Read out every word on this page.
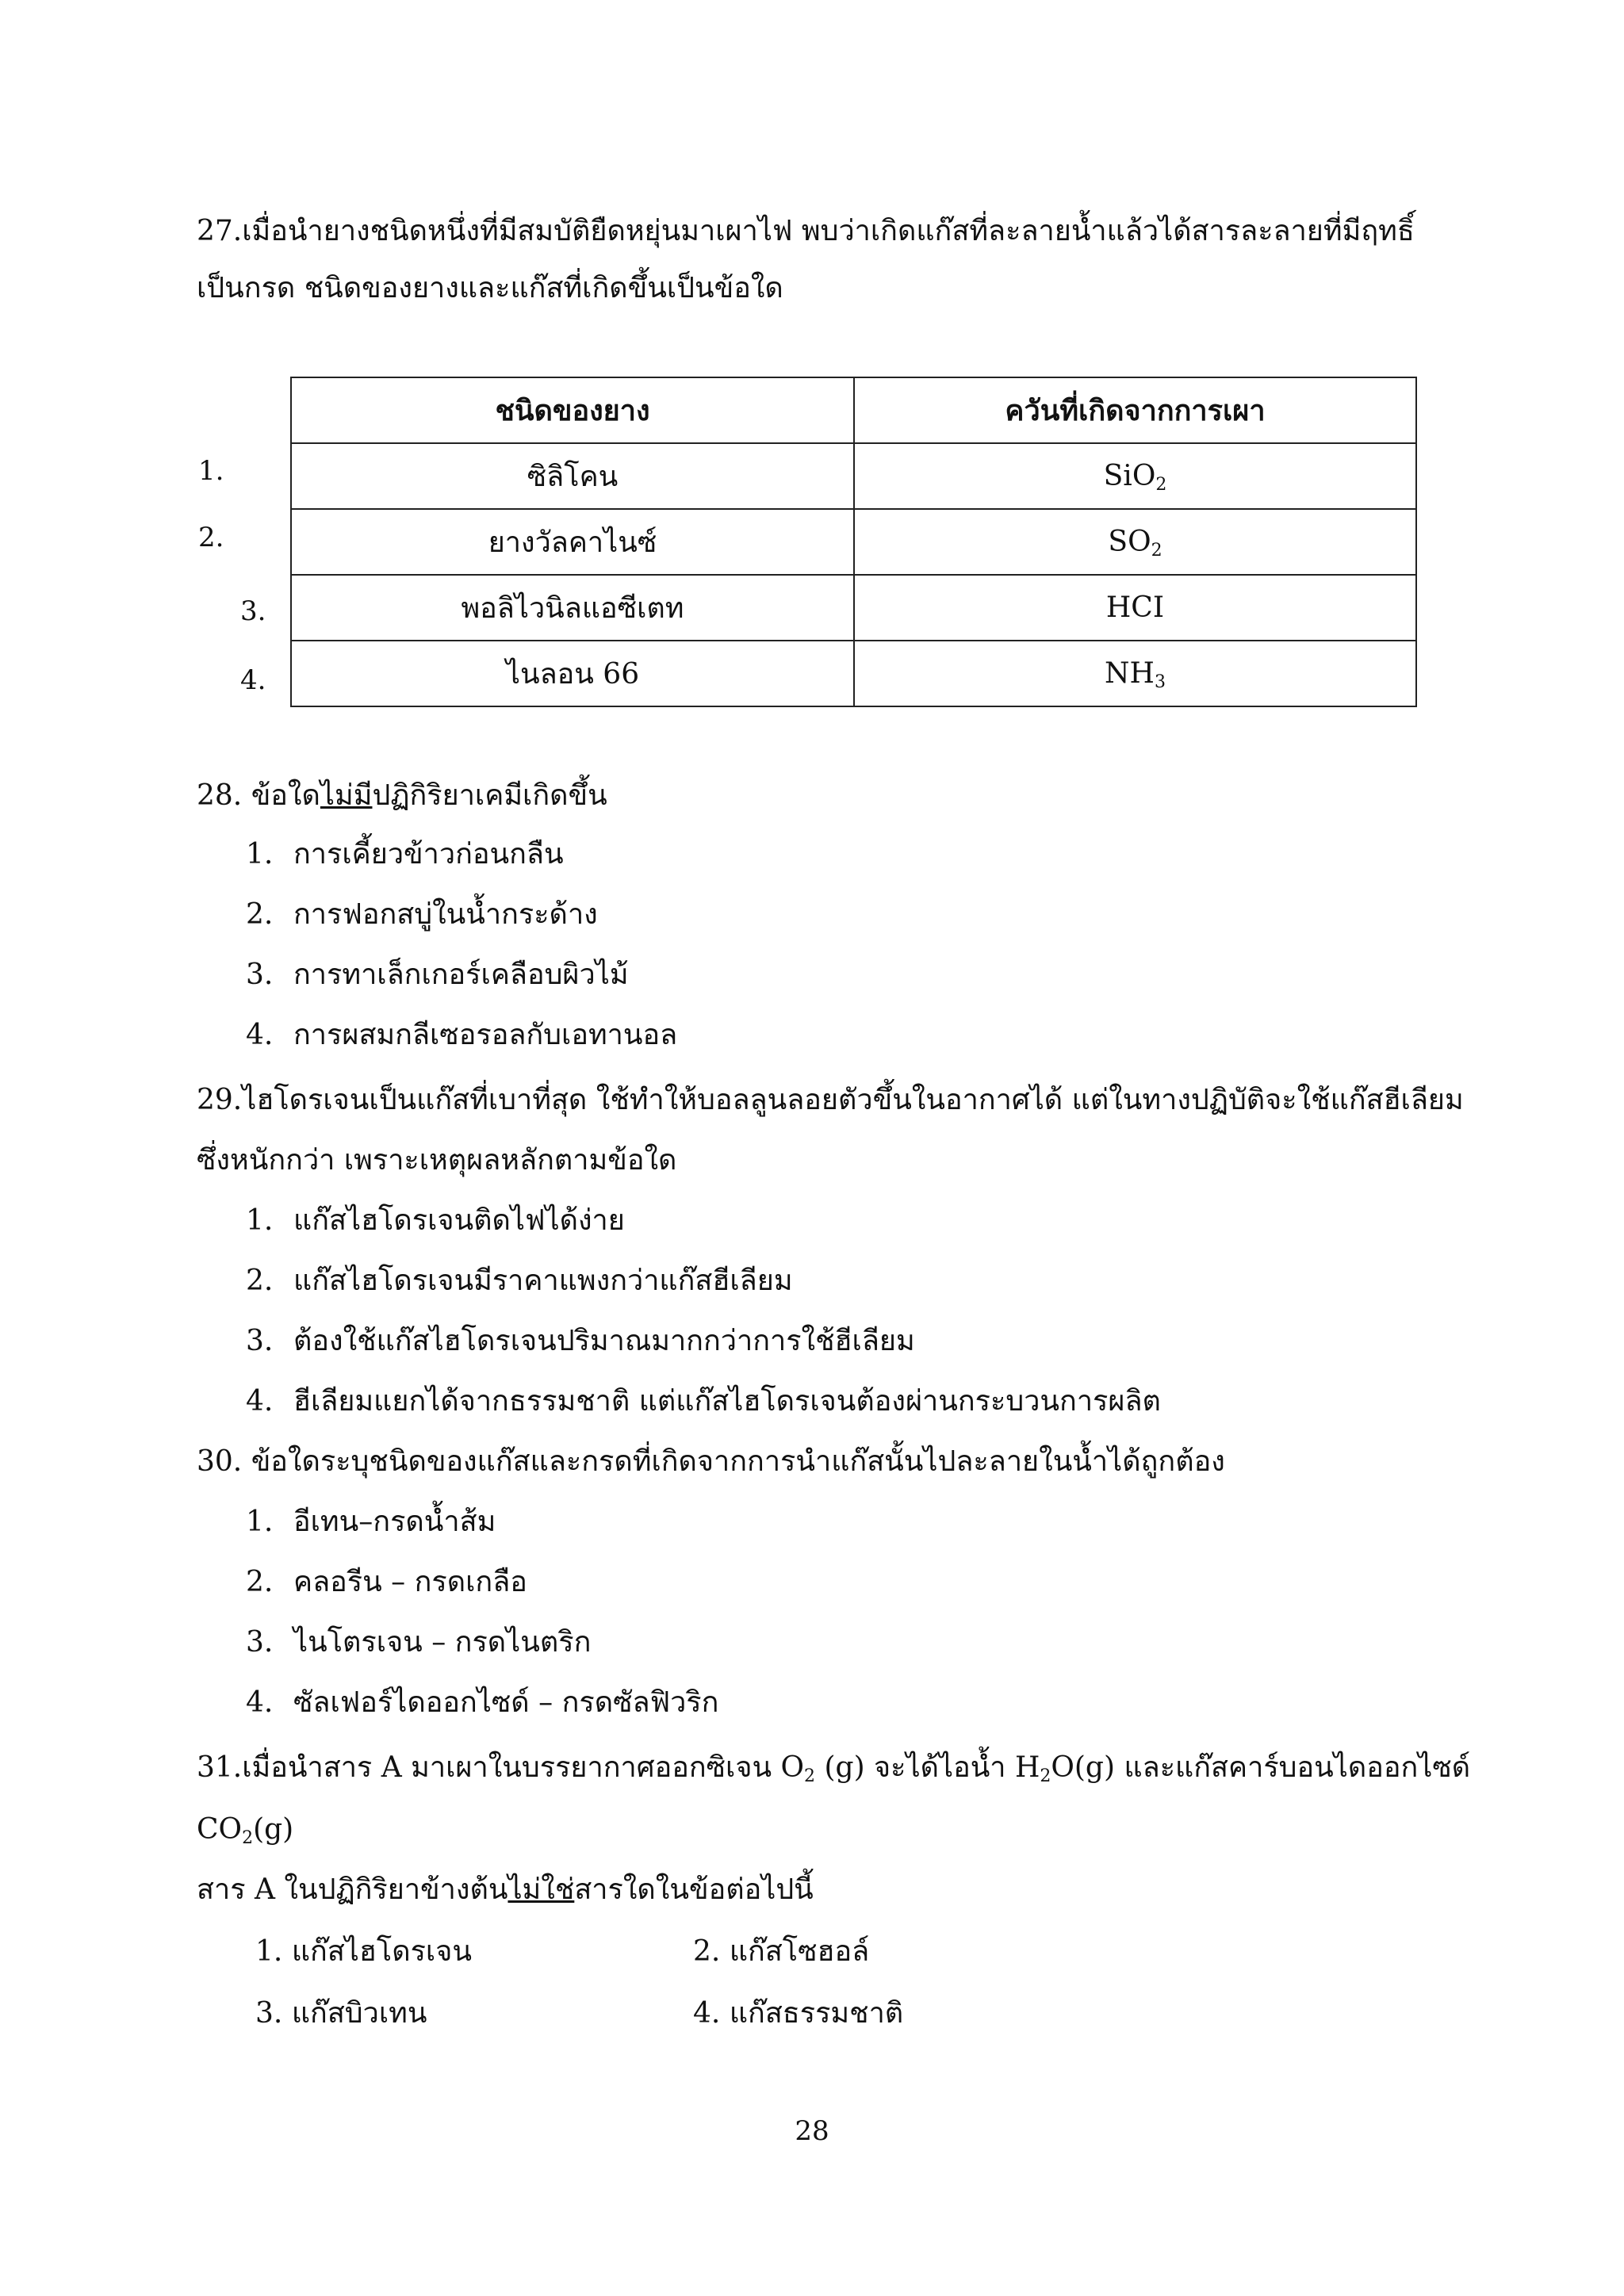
27.เมื่อนำยางชนิดหนึ่งที่มีสมบัติยืดหยุ่นมาเผาไฟ พบว่าเกิดแก๊สที่ละลายน้ำแล้วได้สารละลายที่มีฤทธิ์
เป็นกรด ชนิดของยางและแก๊สที่เกิดขึ้นเป็นข้อใด
1.
2.
3.
4.
ชนิดของยาง	ควันที่เกิดจากการเผา
ซิลิโคน	SiO$_2$
ยางวัลคาไนซ์	$SO_2$
พอลิไวนิลแอซีเตท	HCI
ไนลอน 66	$NH_3$
28. ข้อใดไม่มีปฏิกิริยาเคมีเกิดขึ้น
1. การเคี้ยวข้าวก่อนกลืน
2. การฟอกสบู่ในน้ำกระด้าง
3. การทาเล็กเกอร์เคลือบผิวไม้
4. การผสมกลีเซอรอลกับเอทานอล
29.ไฮโดรเจนเป็นแก๊สที่เบาที่สุด ใช้ทำให้บอลลูนลอยตัวขึ้นในอากาศได้ แต่ในทางปฏิบัติจะใช้แก๊สฮีเลียม
ซึ่งหนักกว่า เพราะเหตุผลหลักตามข้อใด
1. แก๊สไฮโดรเจนติดไฟได้ง่าย
2. แก๊สไฮโดรเจนมีราคาแพงกว่าแก๊สฮีเลียม
3. ต้องใช้แก๊สไฮโดรเจนปริมาณมากกว่าการใช้ฮีเลียม
4. ฮีเลียมแยกได้จากธรรมชาติ แต่แก๊สไฮโดรเจนต้องผ่านกระบวนการผลิต
30. ข้อใดระบุชนิดของแก๊สและกรดที่เกิดจากการนำแก๊สนั้นไปละลายในน้ำได้ถูกต้อง
1. อีเทน–กรดน้ำส้ม
2. คลอรีน – กรดเกลือ
3. ไนโตรเจน – กรดไนตริก
4. ซัลเฟอร์ไดออกไซด์ – กรดซัลฟิวริก
31.เมื่อนำสาร A มาเผาในบรรยากาศออกซิเจน $O_2$ (g) จะได้ไอน้ำ $H_2O(g)$ และแก๊สคาร์บอนไดออกไซด์
$CO_2(g)$
สาร A ในปฏิกิริยาข้างต้นไม่ใช่สารใดในข้อต่อไปนี้
1. แก๊สไฮโดรเจน	2. แก๊สโซฮอล์
3. แก๊สบิวเทน	4. แก๊สธรรมชาติ
28
